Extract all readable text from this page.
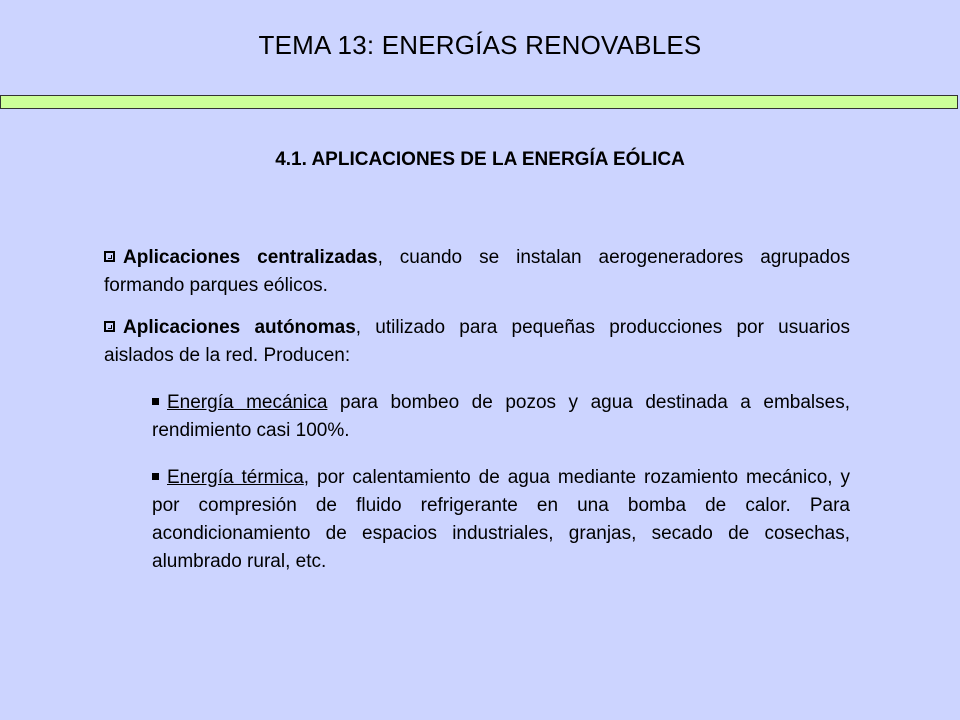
TEMA 13: ENERGÍAS RENOVABLES
4.1. APLICACIONES DE LA ENERGÍA EÓLICA

Aplicaciones centralizadas, cuando se instalan aerogeneradores agrupados formando parques eólicos.

Aplicaciones autónomas, utilizado para pequeñas producciones por usuarios aislados de la red. Producen:

Energía mecánica para bombeo de pozos y agua destinada a embalses, rendimiento casi 100%.

Energía térmica, por calentamiento de agua mediante rozamiento mecánico, y por compresión de fluido refrigerante en una bomba de calor. Para acondicionamiento de espacios industriales, granjas, secado de cosechas, alumbrado rural, etc.
